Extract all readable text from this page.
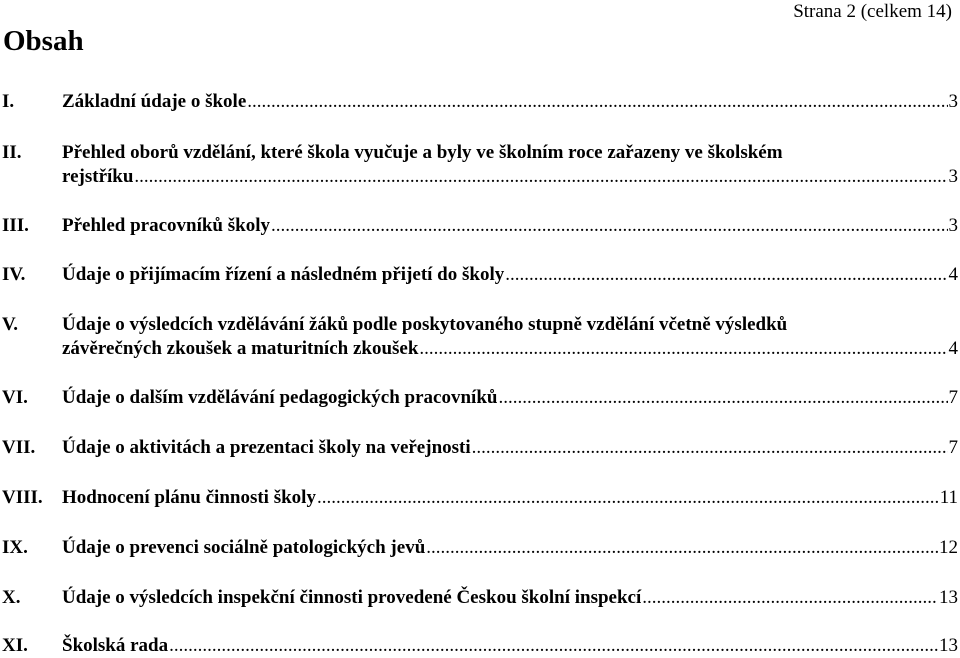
Strana 2 (celkem 14)
Obsah
I.	Základní údaje o škole .....	3
II.	Přehled oborů vzdělání, které škola vyučuje a byly ve školním roce zařazeny ve školském
rejstříku .....	3
III.	Přehled pracovníků školy .....	3
IV.	Údaje o přijímacím řízení a následném přijetí do školy .....	4
V.	Údaje o výsledcích vzdělávání žáků podle poskytovaného stupně vzdělání včetně výsledků
závěrečných zkoušek a maturitních zkoušek .....	4
VI.	Údaje o dalším vzdělávání pedagogických pracovníků .....	7
VII.	Údaje o aktivitách a prezentaci školy na veřejnosti .....	7
VIII.	Hodnocení plánu činnosti školy .....	11
IX.	Údaje o prevenci sociálně patologických jevů .....	12
X.	Údaje o výsledcích inspekční činnosti provedené Českou školní inspekcí .....	13
XI.	Školská rada .....	13
